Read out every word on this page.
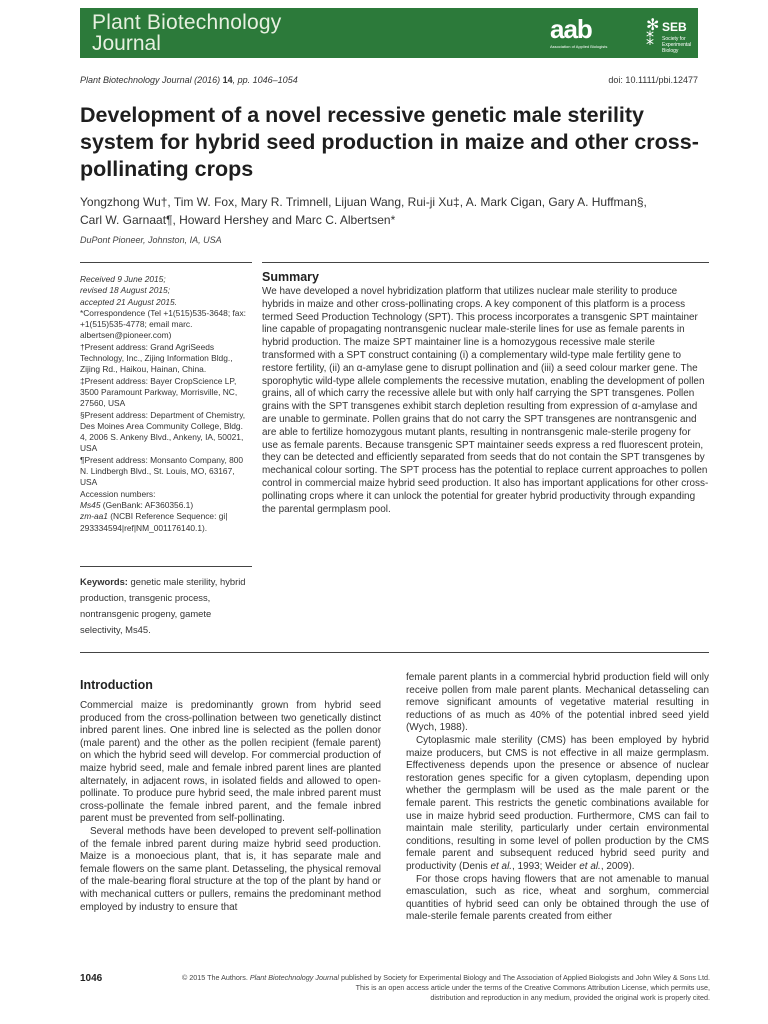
Plant Biotechnology
Journal	aab
Association of Applied Biologists
✻
⁑
SEB
Society for Experimental Biology
Plant Biotechnology Journal (2016) 14, pp. 1046–1054	doi: 10.1111/pbi.12477
Development of a novel recessive genetic male sterility system for hybrid seed production in maize and other cross-pollinating crops
Yongzhong Wu†, Tim W. Fox, Mary R. Trimnell, Lijuan Wang, Rui-ji Xu‡, A. Mark Cigan, Gary A. Huffman§,
Carl W. Garnaat¶, Howard Hershey and Marc C. Albertsen*
DuPont Pioneer, Johnston, IA, USA

Received 9 June 2015;

revised 18 August 2015;

accepted 21 August 2015.

*Correspondence (Tel +1(515)535-3648; fax: +1(515)535-4778; email marc. albertsen@pioneer.com)

†Present address: Grand AgriSeeds Technology, Inc., Zijing Information Bldg., Zijing Rd., Haikou, Hainan, China.

‡Present address: Bayer CropScience LP, 3500 Paramount Parkway, Morrisville, NC, 27560, USA

§Present address: Department of Chemistry, Des Moines Area Community College, Bldg. 4, 2006 S. Ankeny Blvd., Ankeny, IA, 50021, USA

¶Present address: Monsanto Company, 800 N. Lindbergh Blvd., St. Louis, MO, 63167, USA

Accession numbers:

Ms45 (GenBank: AF360356.1)

zm-aa1 (NCBI Reference Sequence: gi| 293334594|ref|NM_001176140.1).

Keywords: genetic male sterility, hybrid production, transgenic process, nontransgenic progeny, gamete selectivity, Ms45.
Summary

We have developed a novel hybridization platform that utilizes nuclear male sterility to produce hybrids in maize and other cross-pollinating crops. A key component of this platform is a process termed Seed Production Technology (SPT). This process incorporates a transgenic SPT maintainer line capable of propagating nontransgenic nuclear male-sterile lines for use as female parents in hybrid production. The maize SPT maintainer line is a homozygous recessive male sterile transformed with a SPT construct containing (i) a complementary wild-type male fertility gene to restore fertility, (ii) an α-amylase gene to disrupt pollination and (iii) a seed colour marker gene. The sporophytic wild-type allele complements the recessive mutation, enabling the development of pollen grains, all of which carry the recessive allele but with only half carrying the SPT transgenes. Pollen grains with the SPT transgenes exhibit starch depletion resulting from expression of α-amylase and are unable to germinate. Pollen grains that do not carry the SPT transgenes are nontransgenic and are able to fertilize homozygous mutant plants, resulting in nontransgenic male-sterile progeny for use as female parents. Because transgenic SPT maintainer seeds express a red fluorescent protein, they can be detected and efficiently separated from seeds that do not contain the SPT transgenes by mechanical colour sorting. The SPT process has the potential to replace current approaches to pollen control in commercial maize hybrid seed production. It also has important applications for other cross-pollinating crops where it can unlock the potential for greater hybrid productivity through expanding the parental germplasm pool.

Introduction

Commercial maize is predominantly grown from hybrid seed produced from the cross-pollination between two genetically distinct inbred parent lines. One inbred line is selected as the pollen donor (male parent) and the other as the pollen recipient (female parent) on which the hybrid seed will develop. For commercial production of maize hybrid seed, male and female inbred parent lines are planted alternately, in adjacent rows, in isolated fields and allowed to open-pollinate. To produce pure hybrid seed, the male inbred parent must cross-pollinate the female inbred parent, and the female inbred parent must be prevented from self-pollinating.

Several methods have been developed to prevent self-pollination of the female inbred parent during maize hybrid seed production. Maize is a monoecious plant, that is, it has separate male and female flowers on the same plant. Detasseling, the physical removal of the male-bearing floral structure at the top of the plant by hand or with mechanical cutters or pullers, remains the predominant method employed by industry to ensure that

female parent plants in a commercial hybrid production field will only receive pollen from male parent plants. Mechanical detasseling can remove significant amounts of vegetative material resulting in reductions of as much as 40% of the potential inbred seed yield (Wych, 1988).

Cytoplasmic male sterility (CMS) has been employed by hybrid maize producers, but CMS is not effective in all maize germplasm. Effectiveness depends upon the presence or absence of nuclear restoration genes specific for a given cytoplasm, depending upon whether the germplasm will be used as the male parent or the female parent. This restricts the genetic combinations available for use in maize hybrid seed production. Furthermore, CMS can fail to maintain male sterility, particularly under certain environmental conditions, resulting in some level of pollen production by the CMS female parent and subsequent reduced hybrid seed purity and productivity (Denis et al., 1993; Weider et al., 2009).

For those crops having flowers that are not amenable to manual emasculation, such as rice, wheat and sorghum, commercial quantities of hybrid seed can only be obtained through the use of male-sterile female parents created from either

1046	© 2015 The Authors. Plant Biotechnology Journal published by Society for Experimental Biology and The Association of Applied Biologists and John Wiley & Sons Ltd.
This is an open access article under the terms of the Creative Commons Attribution License, which permits use,
distribution and reproduction in any medium, provided the original work is properly cited.
